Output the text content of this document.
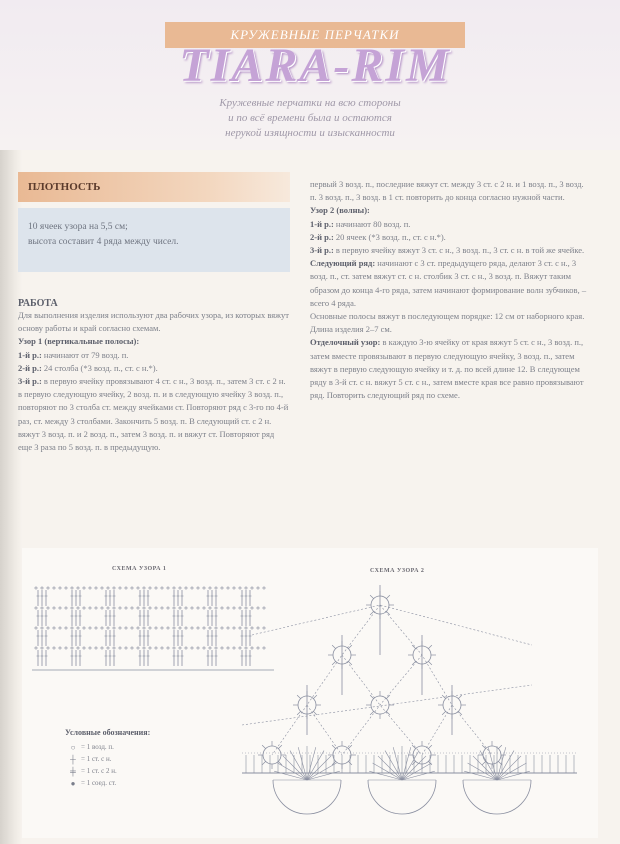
КРУЖЕВНЫЕ ПЕРЧАТКИ
TIARA-RIM
Кружевные перчатки на всю стороны
и по всё времени была и остаются
нерукой изящности и изысканности
ПЛОТНОСТЬ
10 ячеек узора на 5,5 см;
высота составит 4 ряда между чисел.
РАБОТА

Для выполнения изделия используют два рабочих узора, из которых вяжут основу работы и край согласно схемам.

Узор 1 (вертикальные полосы):

1-й р.: начинают от 79 возд. п.

2-й р.: 24 столба (*3 возд. п., ст. с н.*).

3-й р.: в первую ячейку провязывают 4 ст. с н., 3 возд. п., затем 3 ст. с 2 н. в первую следующую ячейку, 2 возд. п. и в следующую ячейку 3 возд. п., повторяют по 3 столба ст. между ячейками ст. Повторяют ряд с 3-го по 4-й раз, ст. между 3 столбами. Закончить 5 возд. п. В следующий ст. с 2 н. вяжут 3 возд. п. и 2 возд. п., затем 3 возд. п. и вяжут ст. Повторяют ряд еще 3 раза по 5 возд. п. в предыдущую.

первый 3 возд. п., последние вяжут ст. между 3 ст. с 2 н. и 1 возд. п., 3 возд. п. 3 возд. п., 3 возд. в 1 ст. повторить до конца согласно нужной части.

Узор 2 (волны):

1-й р.: начинают 80 возд. п.

2-й р.: 20 ячеек (*3 возд. п., ст. с н.*).

3-й р.: в первую ячейку вяжут 3 ст. с н., 3 возд. п., 3 ст. с н. в той же ячейке.

Следующий ряд: начинают с 3 ст. предыдущего ряда, делают 3 ст. с н., 3 возд. п., ст. затем вяжут ст. с н. столбик 3 ст. с н., 3 возд. п. Вяжут таким образом до конца 4-го ряда, затем начинают формирование волн зубчиков, – всего 4 ряда.

Основные полосы вяжут в последующем порядке: 12 см от наборного края. Длина изделия 2–7 см.

Отделочный узор: в каждую 3-ю ячейку от края вяжут 5 ст. с н., 3 возд. п., затем вместе провязывают в первую следующую ячейку, 3 возд. п., затем вяжут в первую следующую ячейку и т. д. по всей длине 12. В следующем ряду в 3-й ст. с н. вяжут 5 ст. с н., затем вместе края все равно провязывают ряд. Повторить следующий ряд по схеме.

СХЕМА УЗОРА 1	СХЕМА УЗОРА 2
Условные обозначения:
○ = 1 возд. п.
┼ = 1 ст. с н.
╪ = 1 ст. с 2 н.
● = 1 соед. ст.
